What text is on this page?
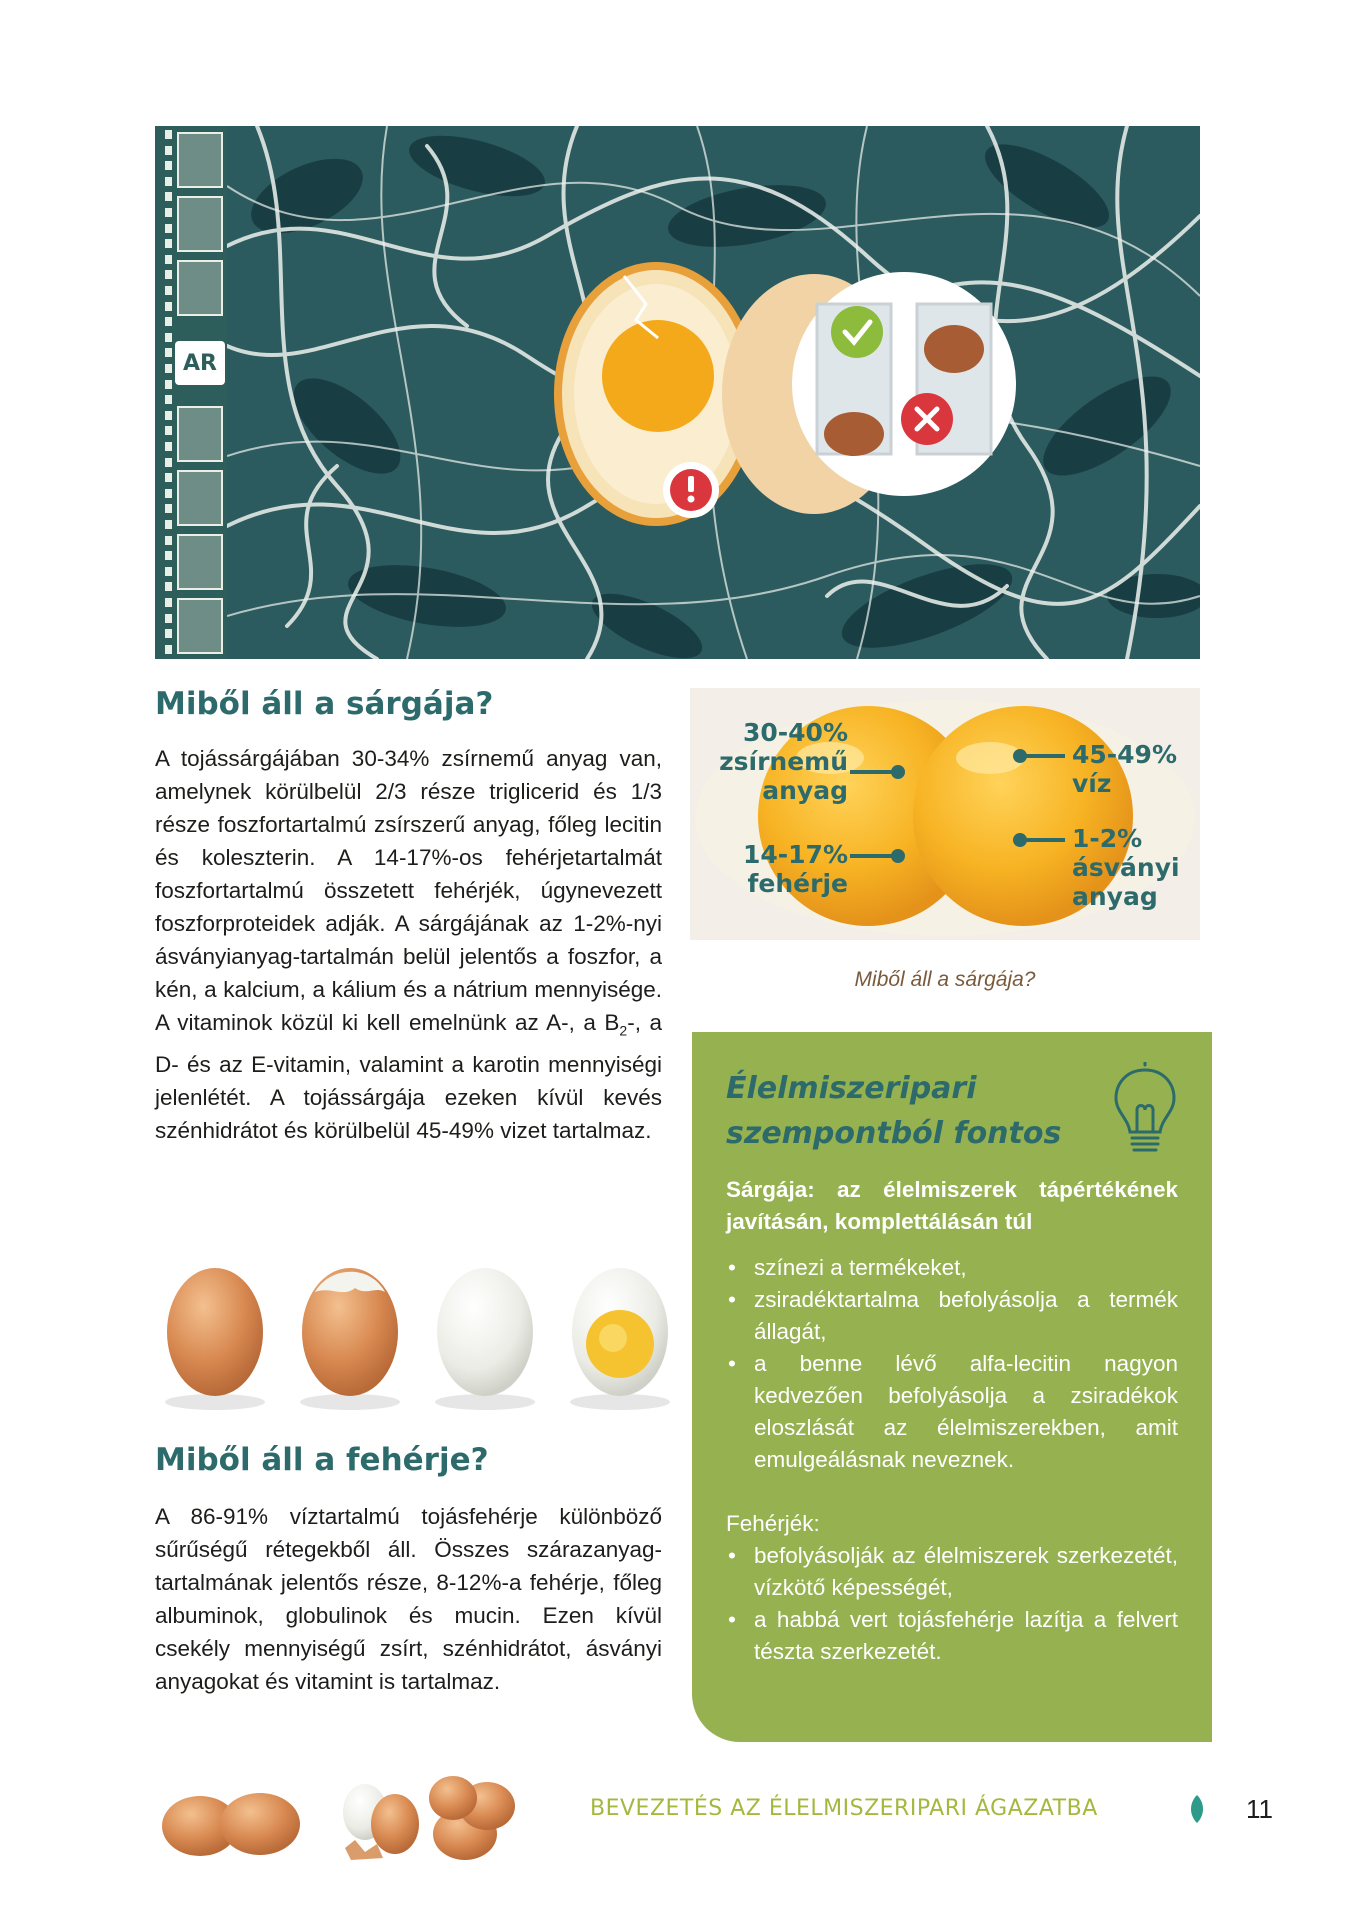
AR
Miből áll a sárgája?

A tojássárgájában 30-34% zsírnemű anyag van, amelynek körülbelül 2/3 része triglicerid és 1/3 része foszfortartalmú zsírszerű anyag, főleg lecitin és koleszterin. A 14-17%-os fehérjetartalmát foszfortartalmú összetett fehérjék, úgynevezett foszforproteidek adják. A sárgájának az 1-2%-nyi ásványianyag-tartalmán belül jelentős a foszfor, a kén, a kalcium, a kálium és a nátrium mennyisége. A vitaminok közül ki kell emelnünk az A-, a $B_2-$, a D- és az E-vitamin, valamint a karotin mennyiségi jelenlétét. A tojássárgája ezeken kívül kevés szénhidrátot és körülbelül 45-49% vizet tartalmaz.

30-40%
zsírnemű
anyag
14-17%
fehérje
45-49%
víz
1-2%
ásványi
anyag
Miből áll a sárgája?
Élelmiszeripari
szempontból fontos

Sárgája: az élelmiszerek tápértékének javításán, komplettálásán túl

• színezi a termékeket,
• zsiradéktartalma befolyásolja a termék állagát,
• a benne lévő alfa-lecitin nagyon kedvezően befolyásolja a zsiradékok eloszlását az élelmiszerekben, amit emulgeálásnak neveznek.

Fehérjék:

• befolyásolják az élelmiszerek szerkezetét, vízkötő képességét,
• a habbá vert tojásfehérje lazítja a felvert tészta szerkezetét.
Miből áll a fehérje?

A 86-91% víztartalmú tojásfehérje különböző sűrűségű rétegekből áll. Összes szárazanyag-tartalmának jelentős része, 8-12%-a fehérje, főleg albuminok, globulinok és mucin. Ezen kívül csekély mennyiségű zsírt, szénhidrátot, ásványi anyagokat és vitamint is tartalmaz.

BEVEZETÉS AZ ÉLELMISZERIPARI ÁGAZATBA	11
